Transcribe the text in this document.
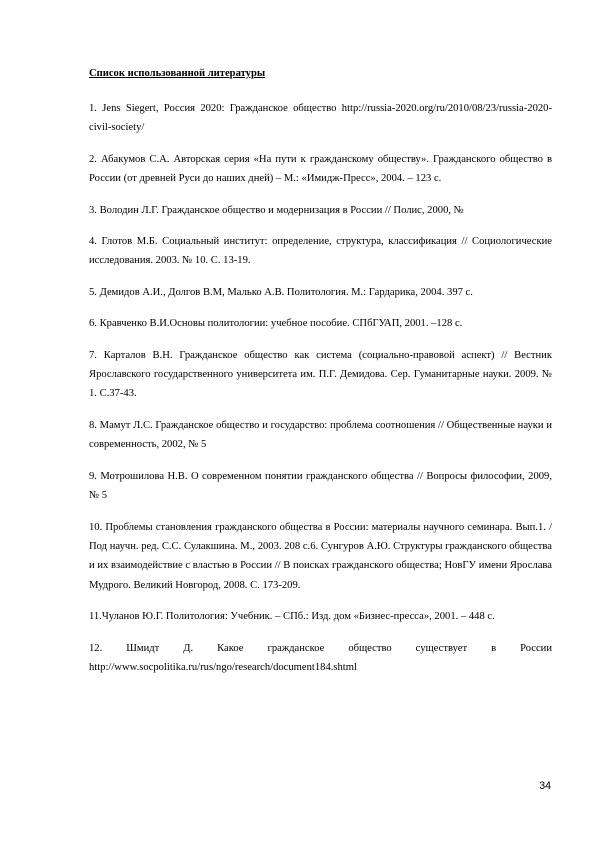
Список использованной литературы
1. Jens Siegert, Россия 2020: Гражданское общество http://russia-2020.org/ru/2010/08/23/russia-2020-civil-society/
2. Абакумов С.А. Авторская серия «На пути к гражданскому обществу». Гражданского общество в России (от древней Руси до наших дней) – М.: «Имидж-Пресс», 2004. – 123 с.
3. Володин Л.Г. Гражданское общество и модернизация в России // Полис, 2000, №
4. Глотов М.Б. Социальный институт: определение, структура, классификация // Социологические исследования. 2003. № 10. С. 13-19.
5. Демидов А.И., Долгов В.М, Малько А.В. Политология. М.: Гардарика, 2004. 397 с.
6. Кравченко В.И.Основы политологии: учебное пособие. СПбГУАП, 2001. –128 с.
7. Карталов В.Н. Гражданское общество как система (социально-правовой аспект) // Вестник Ярославского государственного университета им. П.Г. Демидова. Сер. Гуманитарные науки. 2009. № 1. С.37-43.
8. Мамут Л.С. Гражданское общество и государство: проблема соотношения // Общественные науки и современность, 2002, № 5
9. Мотрошилова Н.В. О современном понятии гражданского общества // Вопросы философии, 2009, № 5
10. Проблемы становления гражданского общества в России: материалы научного семинара. Вып.1. / Под научн. ред. С.С. Сулакшина. М., 2003. 208 с.6. Сунгуров А.Ю. Структуры гражданского общества и их взаимодействие с властью в России // В поисках гражданского общества; НовГУ имени Ярослава Мудрого. Великий Новгород, 2008. С. 173-209.
11.Чуланов Ю.Г. Политология: Учебник. – СПб.: Изд. дом «Бизнес-пресса», 2001. – 448 с.
12. Шмидт Д. Какое гражданское общество существует в России http://www.socpolitika.ru/rus/ngo/research/document184.shtml
34
